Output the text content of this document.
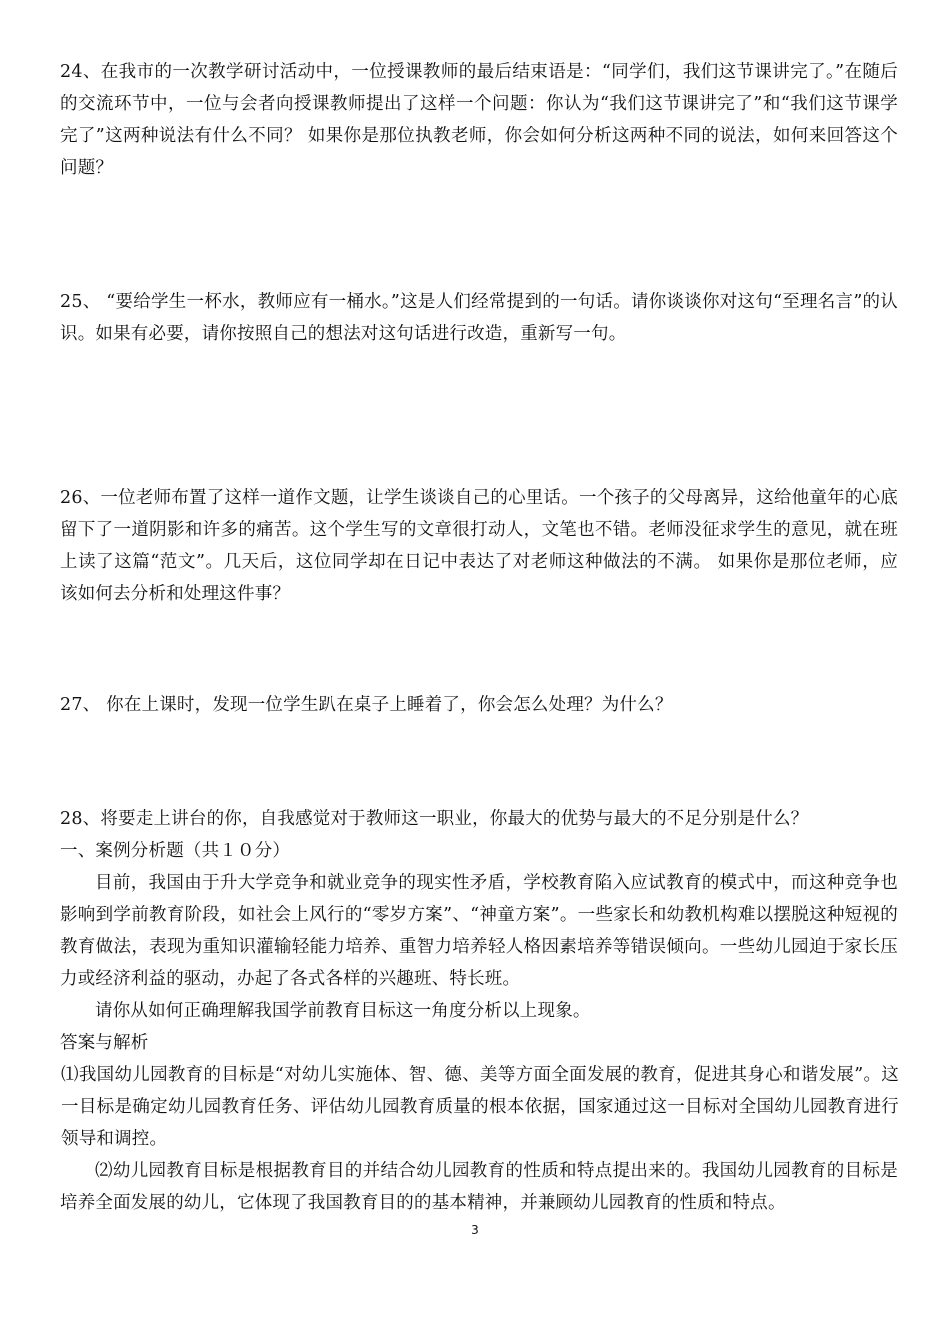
24、在我市的一次教学研讨活动中，一位授课教师的最后结束语是：“同学们，我们这节课讲完了。”在随后的交流环节中，一位与会者向授课教师提出了这样一个问题：你认为“我们这节课讲完了”和“我们这节课学完了”这两种说法有什么不同？ 如果你是那位执教老师，你会如何分析这两种不同的说法，如何来回答这个问题？

25、 “要给学生一杯水，教师应有一桶水。”这是人们经常提到的一句话。请你谈谈你对这句“至理名言”的认识。如果有必要，请你按照自己的想法对这句话进行改造，重新写一句。

26、一位老师布置了这样一道作文题，让学生谈谈自己的心里话。一个孩子的父母离异，这给他童年的心底留下了一道阴影和许多的痛苦。这个学生写的文章很打动人，文笔也不错。老师没征求学生的意见，就在班上读了这篇“范文”。几天后，这位同学却在日记中表达了对老师这种做法的不满。 如果你是那位老师，应该如何去分析和处理这件事？

27、 你在上课时，发现一位学生趴在桌子上睡着了，你会怎么处理？为什么？

28、将要走上讲台的你，自我感觉对于教师这一职业，你最大的优势与最大的不足分别是什么？

一、案例分析题（共１０分）

目前，我国由于升大学竞争和就业竞争的现实性矛盾，学校教育陷入应试教育的模式中，而这种竞争也影响到学前教育阶段，如社会上风行的“零岁方案”、“神童方案”。一些家长和幼教机构难以摆脱这种短视的教育做法，表现为重知识灌输轻能力培养、重智力培养轻人格因素培养等错误倾向。一些幼儿园迫于家长压力或经济利益的驱动，办起了各式各样的兴趣班、特长班。

请你从如何正确理解我国学前教育目标这一角度分析以上现象。

答案与解析

⑴我国幼儿园教育的目标是“对幼儿实施体、智、德、美等方面全面发展的教育，促进其身心和谐发展”。这一目标是确定幼儿园教育任务、评估幼儿园教育质量的根本依据，国家通过这一目标对全国幼儿园教育进行领导和调控。

⑵幼儿园教育目标是根据教育目的并结合幼儿园教育的性质和特点提出来的。我国幼儿园教育的目标是培养全面发展的幼儿，它体现了我国教育目的的基本精神，并兼顾幼儿园教育的性质和特点。

3
